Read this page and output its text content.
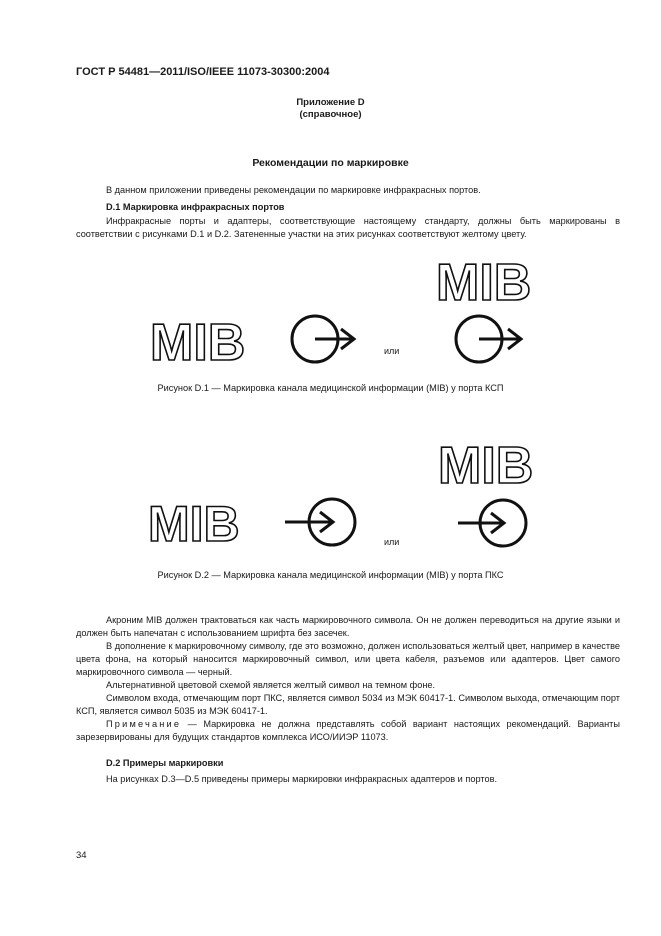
ГОСТ Р 54481—2011/ISO/IEEE 11073-30300:2004
Приложение D
(справочное)
Рекомендации по маркировке
В данном приложении приведены рекомендации по маркировке инфракрасных портов.
D.1 Маркировка инфракрасных портов
Инфракрасные порты и адаптеры, соответствующие настоящему стандарту, должны быть маркированы в соответствии с рисунками D.1 и D.2. Затененные участки на этих рисунках соответствуют желтому цвету.
MIB	или
MIB
Рисунок D.1 — Маркировка канала медицинской информации (MIB) у порта КСП
MIB	или
MIB
Рисунок D.2 — Маркировка канала медицинской информации (MIB) у порта ПКС
Акроним MIB должен трактоваться как часть маркировочного символа. Он не должен переводиться на другие языки и должен быть напечатан с использованием шрифта без засечек.
В дополнение к маркировочному символу, где это возможно, должен использоваться желтый цвет, например в качестве цвета фона, на который наносится маркировочный символ, или цвета кабеля, разъемов или адаптеров. Цвет самого маркировочного символа — черный.
Альтернативной цветовой схемой является желтый символ на темном фоне.
Символом входа, отмечающим порт ПКС, является символ 5034 из МЭК 60417-1. Символом выхода, отмечающим порт КСП, является символ 5035 из МЭК 60417-1.
Примечание — Маркировка не должна представлять собой вариант настоящих рекомендаций. Варианты зарезервированы для будущих стандартов комплекса ИСО/ИИЭР 11073.
D.2 Примеры маркировки
На рисунках D.3—D.5 приведены примеры маркировки инфракрасных адаптеров и портов.
34
